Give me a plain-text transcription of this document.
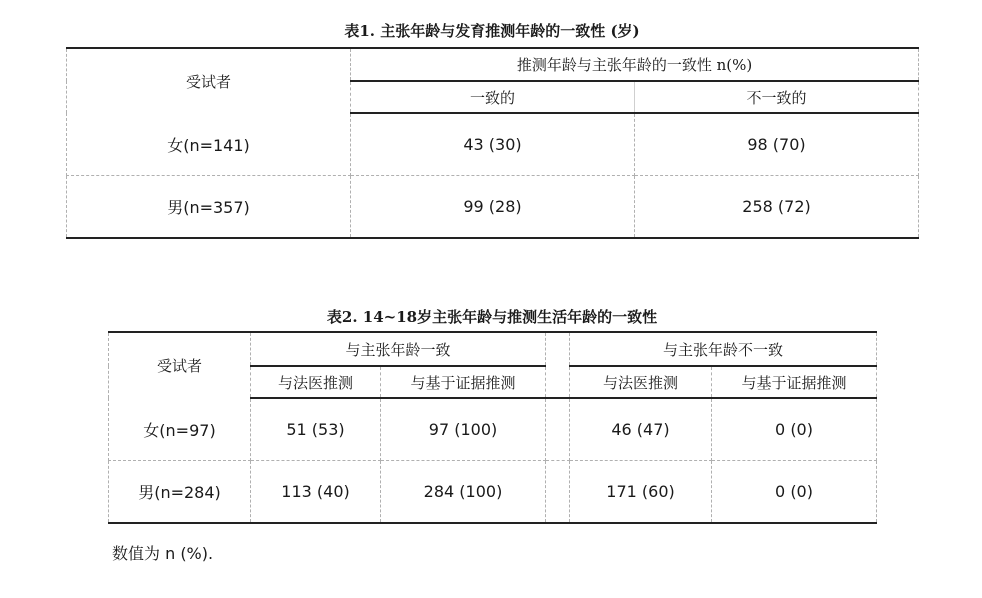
表1. 主张年龄与发育推测年龄的一致性 (岁)
受试者	推测年龄与主张年龄的一致性 n(%)	
	一致的	不一致的
女(n=141)	43 (30)	98 (70)
男(n=357)	99 (28)	258 (72)
表2. 14~18岁主张年龄与推测生活年龄的一致性
受试者	与主张年龄一致			与主张年龄不一致	
	与法医推测	与基于证据推测		与法医推测	与基于证据推测
女(n=97)	51 (53)	97 (100)		46 (47)	0 (0)
男(n=284)	113 (40)	284 (100)		171 (60)	0 (0)
数值为 n (%).
